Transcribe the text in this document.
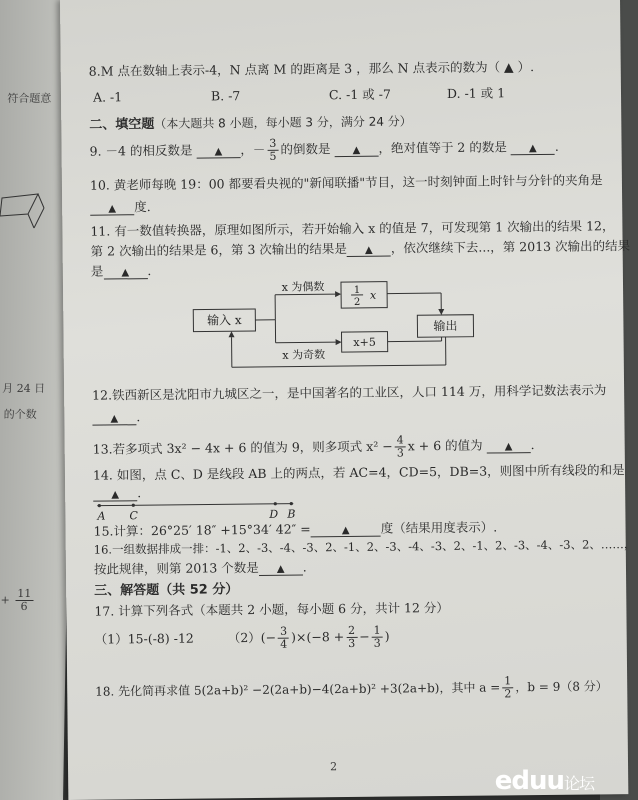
符合题意
月 24 日
的个数
+ $\frac{11}{6}$
8.M 点在数轴上表示-4，N 点离 M 的距离是 3 ，那么 N 点表示的数为（ ▲ ）.
A. -1	B. -7	C. -1 或 -7	D. -1 或 1
二、填空题（本大题共 8 小题，每小题 3 分，满分 24 分）
9. －4 的相反数是 ▲ ，－ $\frac{3}{5}$ 的倒数是 ▲ ，绝对值等于 2 的数是 ▲ .
10. 黄老师每晚 19：00 都要看央视的"新闻联播"节目，这一时刻钟面上时针与分针的夹角是
▲ 度.
11. 有一数值转换器，原理如图所示，若开始输入 x 的值是 7，可发现第 1 次输出的结果 12，
第 2 次输出的结果是 6，第 3 次输出的结果是 ▲ ，依次继续下去...，第 2013 次输出的结果
是 ▲ .
输入 x
x 为偶数	1
2
x
输出
x 为奇数
x+5
12.铁西新区是沈阳市九城区之一，是中国著名的工业区，人口 114 万，用科学记数法表示为
▲ .
13.若多项式 3x² − 4x + 6 的值为 9，则多项式 $x^2 - \frac{4}{3}$ x + 6 的值为 ▲ .
14. 如图，点 C、D 是线段 AB 上的两点，若 AC=4，CD=5，DB=3，则图中所有线段的和是
▲ .
A C	D B
15.计算：26°25′ 18″ +15°34′ 42″ =	▲ 度（结果用度表示）.
16.一组数据排成一排：-1、2、-3、-4、-3、2、-1、2、-3、-4、-3、2、-1、2、-3、-4、-3、2、……，
按此规律，则第 2013 个数是 ▲ .
三、解答题（共 52 分）
17. 计算下列各式（本题共 2 小题，每小题 6 分，共计 12 分）
（1）15-(-8) -12	$(2)(- \frac{3}{4} )\times(-8 + \frac{2}{3} - \frac{1}{3}$ )
18. 先化简再求值 5(2a+b)² −2(2a+b)−4(2a+b)² +3(2a+b)，其中 $a = \frac{1}{2}$ ，b = 9（8 分）
2	eduu论坛
